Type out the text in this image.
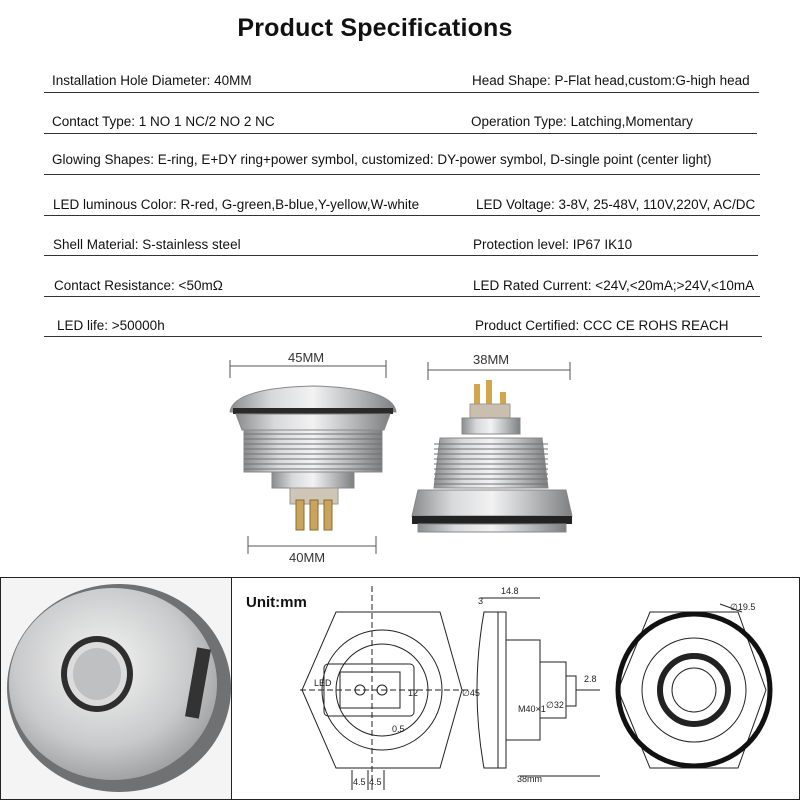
Product Specifications
Installation Hole Diameter: 40MM	Head Shape: P-Flat head,custom:G-high head
Contact Type: 1 NO 1 NC/2 NO 2 NC	Operation Type: Latching,Momentary
Glowing Shapes: E-ring, E+DY ring+power symbol, customized: DY-power symbol, D-single point (center light)
LED luminous Color: R-red, G-green,B-blue,Y-yellow,W-white	LED Voltage: 3-8V, 25-48V, 110V,220V, AC/DC
Shell Material: S-stainless steel	Protection level: IP67 IK10
Contact Resistance: <50mΩ	LED Rated Current: <24V,<20mA;>24V,<10mA
LED life: >50000h	Product Certified: CCC CE ROHS REACH
45MM	38MM
40MM
Unit:mm
LED
12
0.5
4.5 4.5
∅45
3
14.8
M40×1 ∅32
2.8
38mm
∅19.5
